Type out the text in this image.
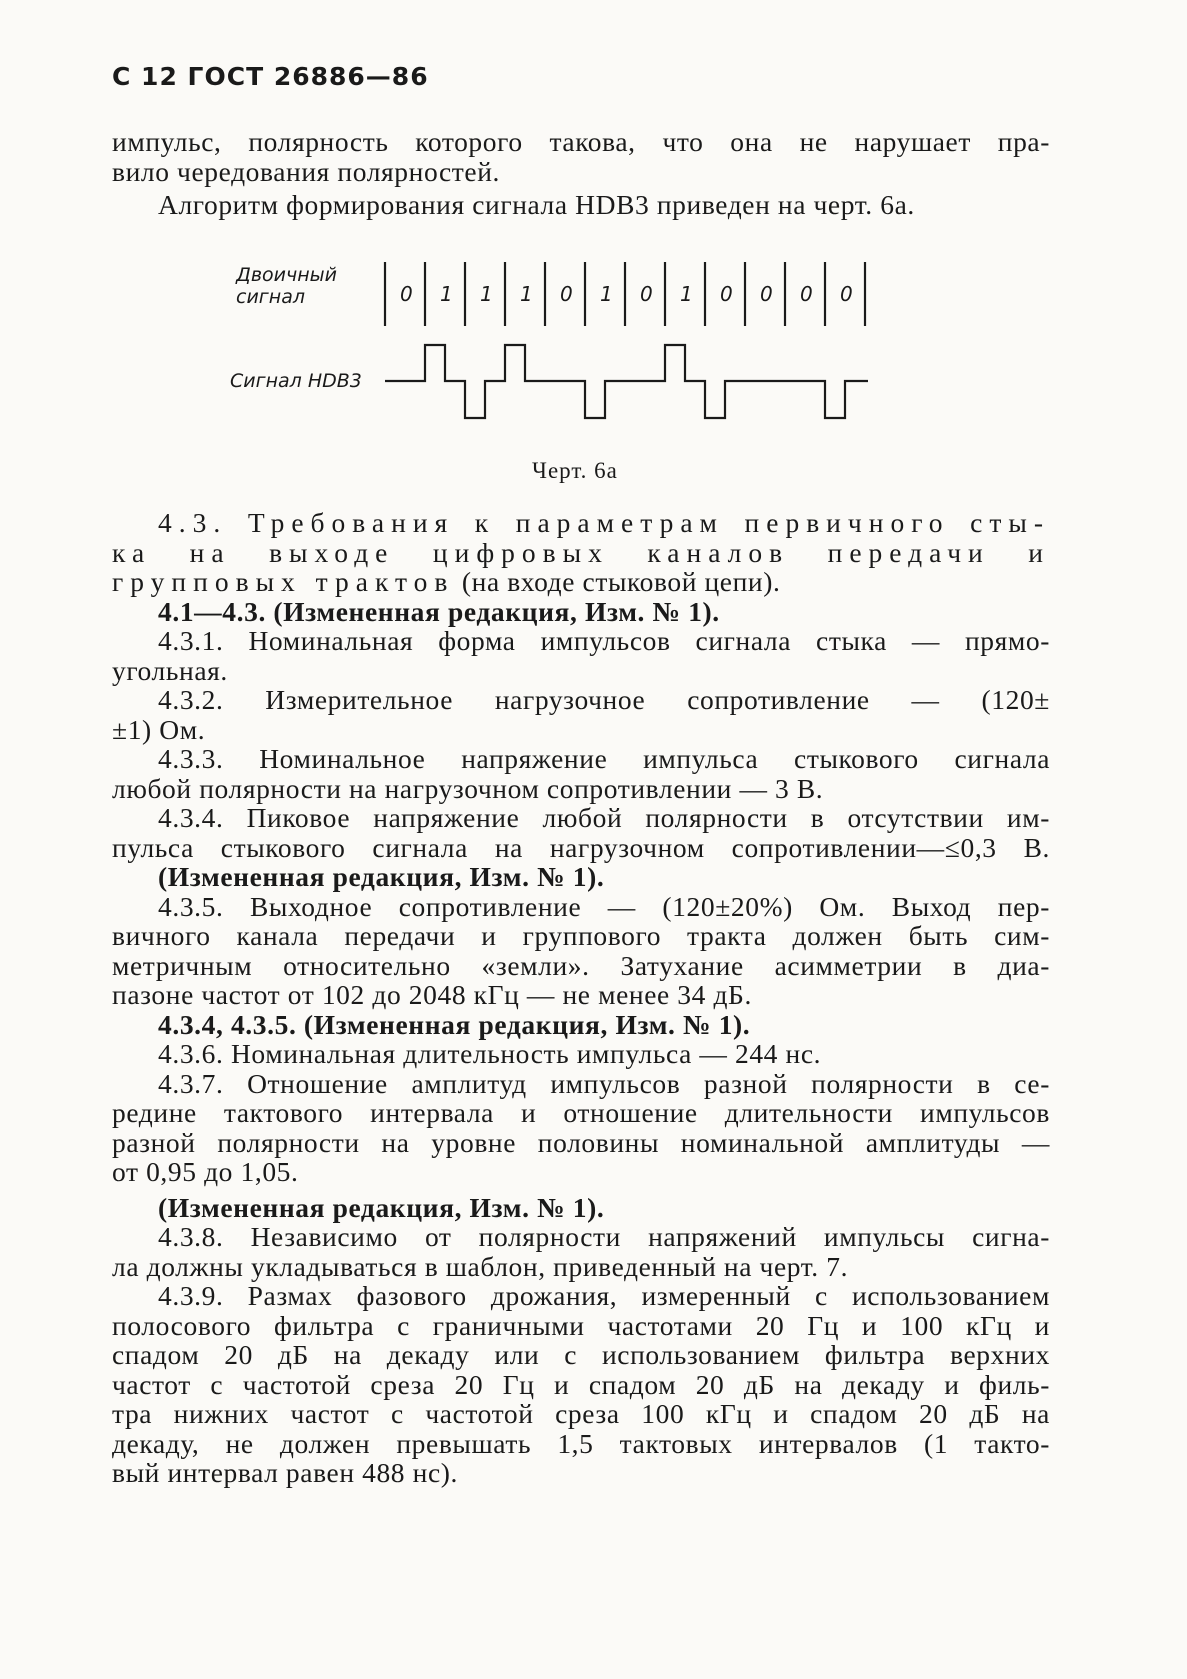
С 12 ГОСТ 26886—86
импульс, полярность которого такова, что она не нарушает пра-
вило чередования полярностей.
Алгоритм формирования сигнала HDB3 приведен на черт. 6а.
Двоичный
сигнал
Сигнал HDB3
0 1 1 1 0 1 0 1 0 0 0 0
Черт. 6а
4.3. Требования к параметрам первичного сты-
ка на выходе цифровых каналов передачи и
групповых трактов (на входе стыковой цепи).
4.1—4.3. (Измененная редакция, Изм. № 1).
4.3.1. Номинальная форма импульсов сигнала стыка — прямо-
угольная.
4.3.2. Измерительное нагрузочное сопротивление — (120±
±1) Ом.
4.3.3. Номинальное напряжение импульса стыкового сигнала
любой полярности на нагрузочном сопротивлении — 3 В.
4.3.4. Пиковое напряжение любой полярности в отсутствии им-
пульса стыкового сигнала на нагрузочном сопротивлении—≤0,3 В.
(Измененная редакция, Изм. № 1).
4.3.5. Выходное сопротивление — (120±20%) Ом. Выход пер-
вичного канала передачи и группового тракта должен быть сим-
метричным относительно «земли». Затухание асимметрии в диа-
пазоне частот от 102 до 2048 кГц — не менее 34 дБ.
4.3.4, 4.3.5. (Измененная редакция, Изм. № 1).
4.3.6. Номинальная длительность импульса — 244 нс.
4.3.7. Отношение амплитуд импульсов разной полярности в се-
редине тактового интервала и отношение длительности импульсов
разной полярности на уровне половины номинальной амплитуды —
от 0,95 до 1,05.
(Измененная редакция, Изм. № 1).
4.3.8. Независимо от полярности напряжений импульсы сигна-
ла должны укладываться в шаблон, приведенный на черт. 7.
4.3.9. Размах фазового дрожания, измеренный с использованием
полосового фильтра с граничными частотами 20 Гц и 100 кГц и
спадом 20 дБ на декаду или с использованием фильтра верхних
частот с частотой среза 20 Гц и спадом 20 дБ на декаду и филь-
тра нижних частот с частотой среза 100 кГц и спадом 20 дБ на
декаду, не должен превышать 1,5 тактовых интервалов (1 такто-
вый интервал равен 488 нс).
